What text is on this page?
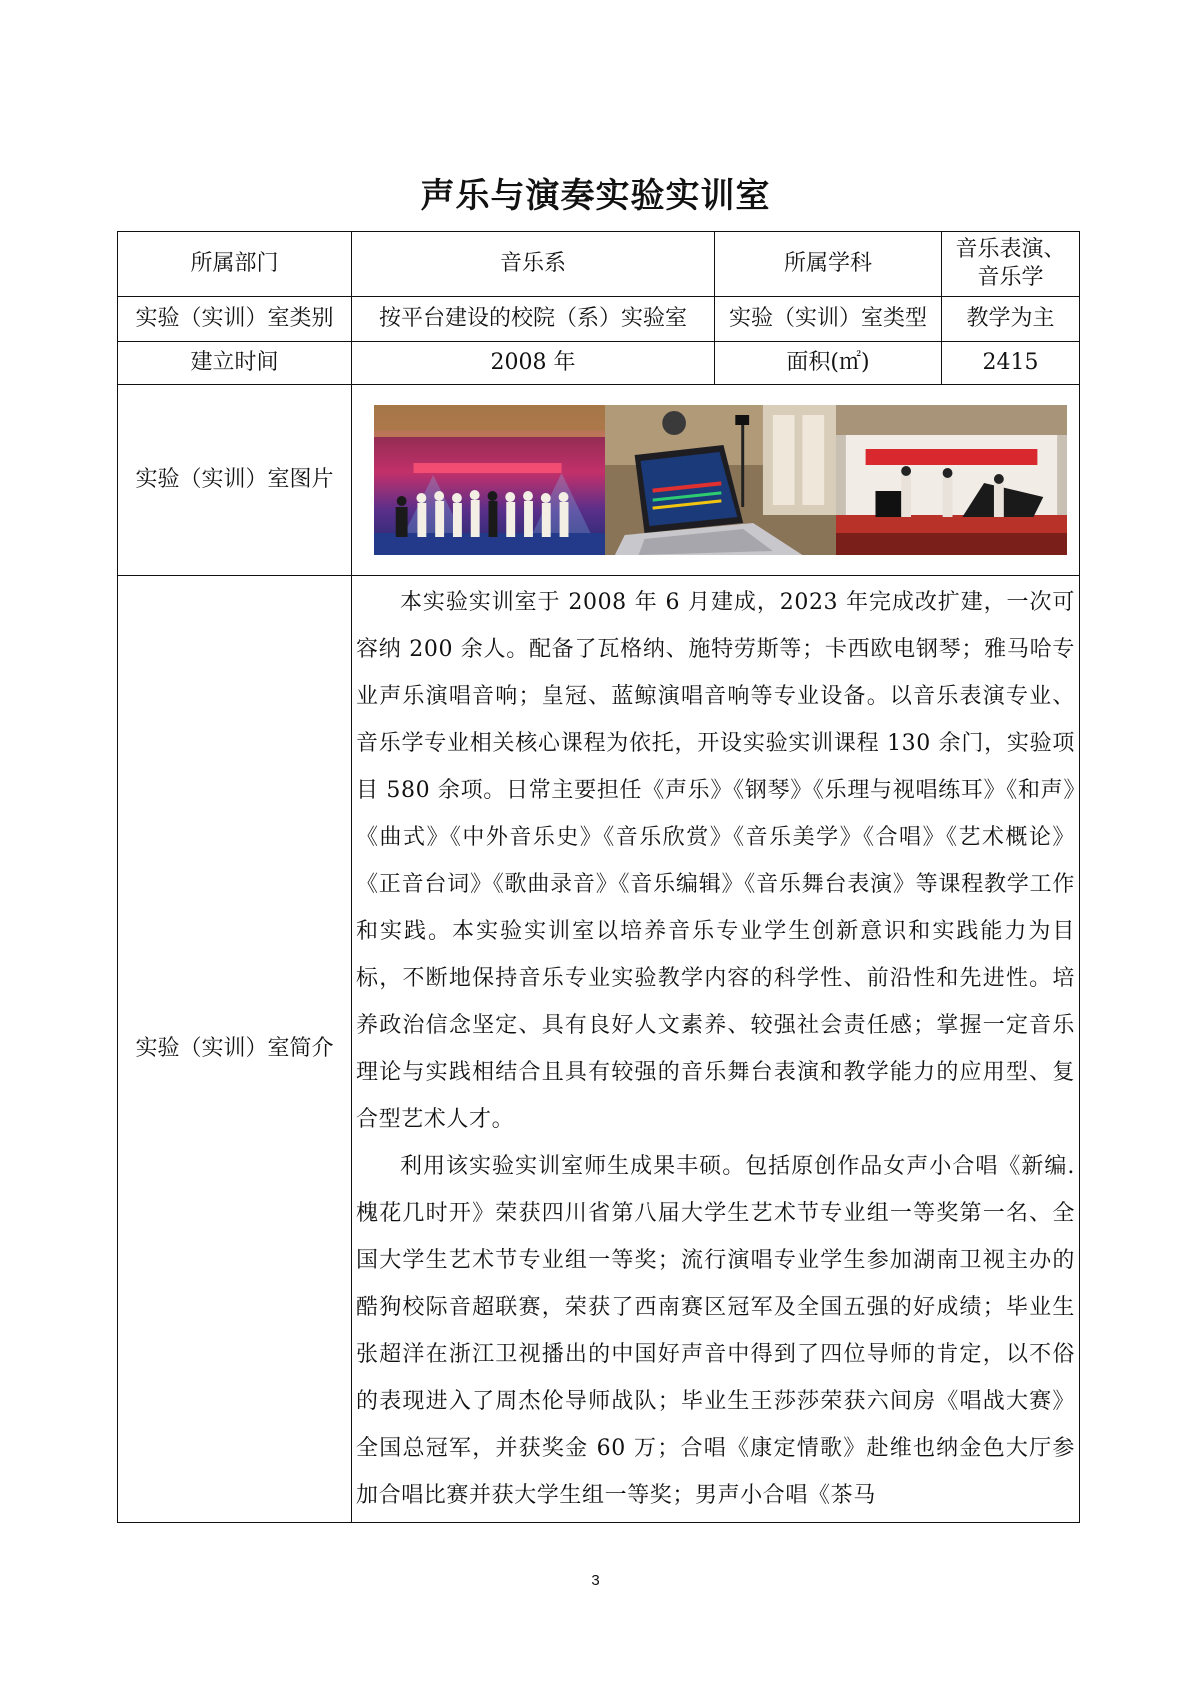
声乐与演奏实验实训室
所属部门	音乐系	所属学科	音乐表演、音乐学
实验（实训）室类别	按平台建设的校院（系）实验室	实验（实训）室类型	教学为主
建立时间	2008 年	面积(㎡)	2415
实验（实训）室图片	

实验（实训）室简介	本实验实训室于 2008 年 6 月建成，2023 年完成改扩建，一次可容纳 200 余人。配备了瓦格纳、施特劳斯等；卡西欧电钢琴；雅马哈专业声乐演唱音响；皇冠、蓝鲸演唱音响等专业设备。以音乐表演专业、音乐学专业相关核心课程为依托，开设实验实训课程 130 余门，实验项目 580 余项。日常主要担任《声乐》《钢琴》《乐理与视唱练耳》《和声》《曲式》《中外音乐史》《音乐欣赏》《音乐美学》《合唱》《艺术概论》《正音台词》《歌曲录音》《音乐编辑》《音乐舞台表演》等课程教学工作和实践。本实验实训室以培养音乐专业学生创新意识和实践能力为目标，不断地保持音乐专业实验教学内容的科学性、前沿性和先进性。培养政治信念坚定、具有良好人文素养、较强社会责任感；掌握一定音乐理论与实践相结合且具有较强的音乐舞台表演和教学能力的应用型、复合型艺术人才。

利用该实验实训室师生成果丰硕。包括原创作品女声小合唱《新编.槐花几时开》荣获四川省第八届大学生艺术节专业组一等奖第一名、全国大学生艺术节专业组一等奖；流行演唱专业学生参加湖南卫视主办的酷狗校际音超联赛，荣获了西南赛区冠军及全国五强的好成绩；毕业生张超洋在浙江卫视播出的中国好声音中得到了四位导师的肯定，以不俗的表现进入了周杰伦导师战队；毕业生王莎莎荣获六间房《唱战大赛》全国总冠军，并获奖金 60 万；合唱《康定情歌》赴维也纳金色大厅参加合唱比赛并获大学生组一等奖；男声小合唱《茶马		

3
